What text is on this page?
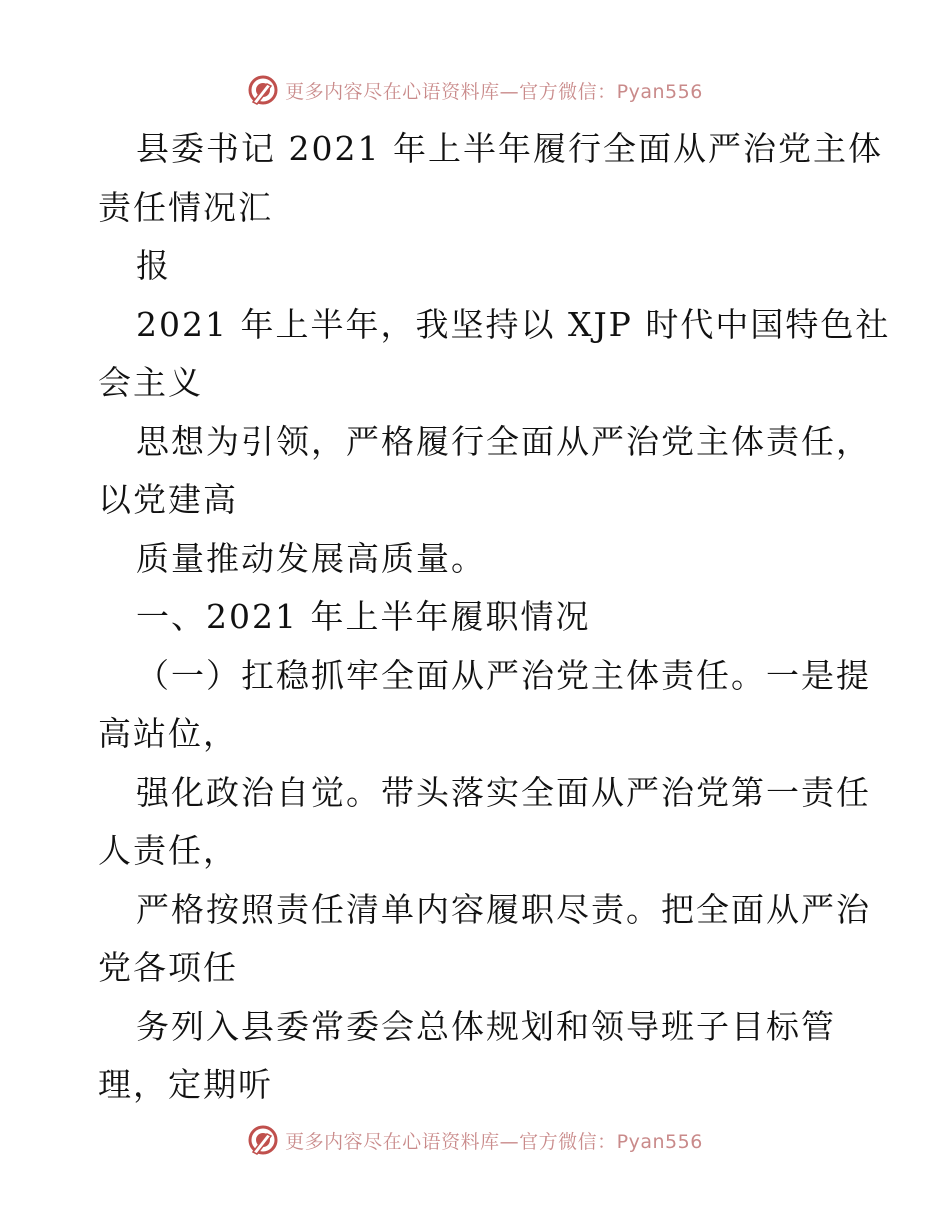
更多内容尽在心语资料库—官方微信：Pyan556
县委书记 2021 年上半年履行全面从严治党主体
责任情况汇
报
2021 年上半年，我坚持以 XJP 时代中国特色社
会主义
思想为引领，严格履行全面从严治党主体责任，
以党建高
质量推动发展高质量。
一、2021 年上半年履职情况
（一）扛稳抓牢全面从严治党主体责任。一是提
高站位，
强化政治自觉。带头落实全面从严治党第一责任
人责任，
严格按照责任清单内容履职尽责。把全面从严治
党各项任
务列入县委常委会总体规划和领导班子目标管
理，定期听
更多内容尽在心语资料库—官方微信：Pyan556
